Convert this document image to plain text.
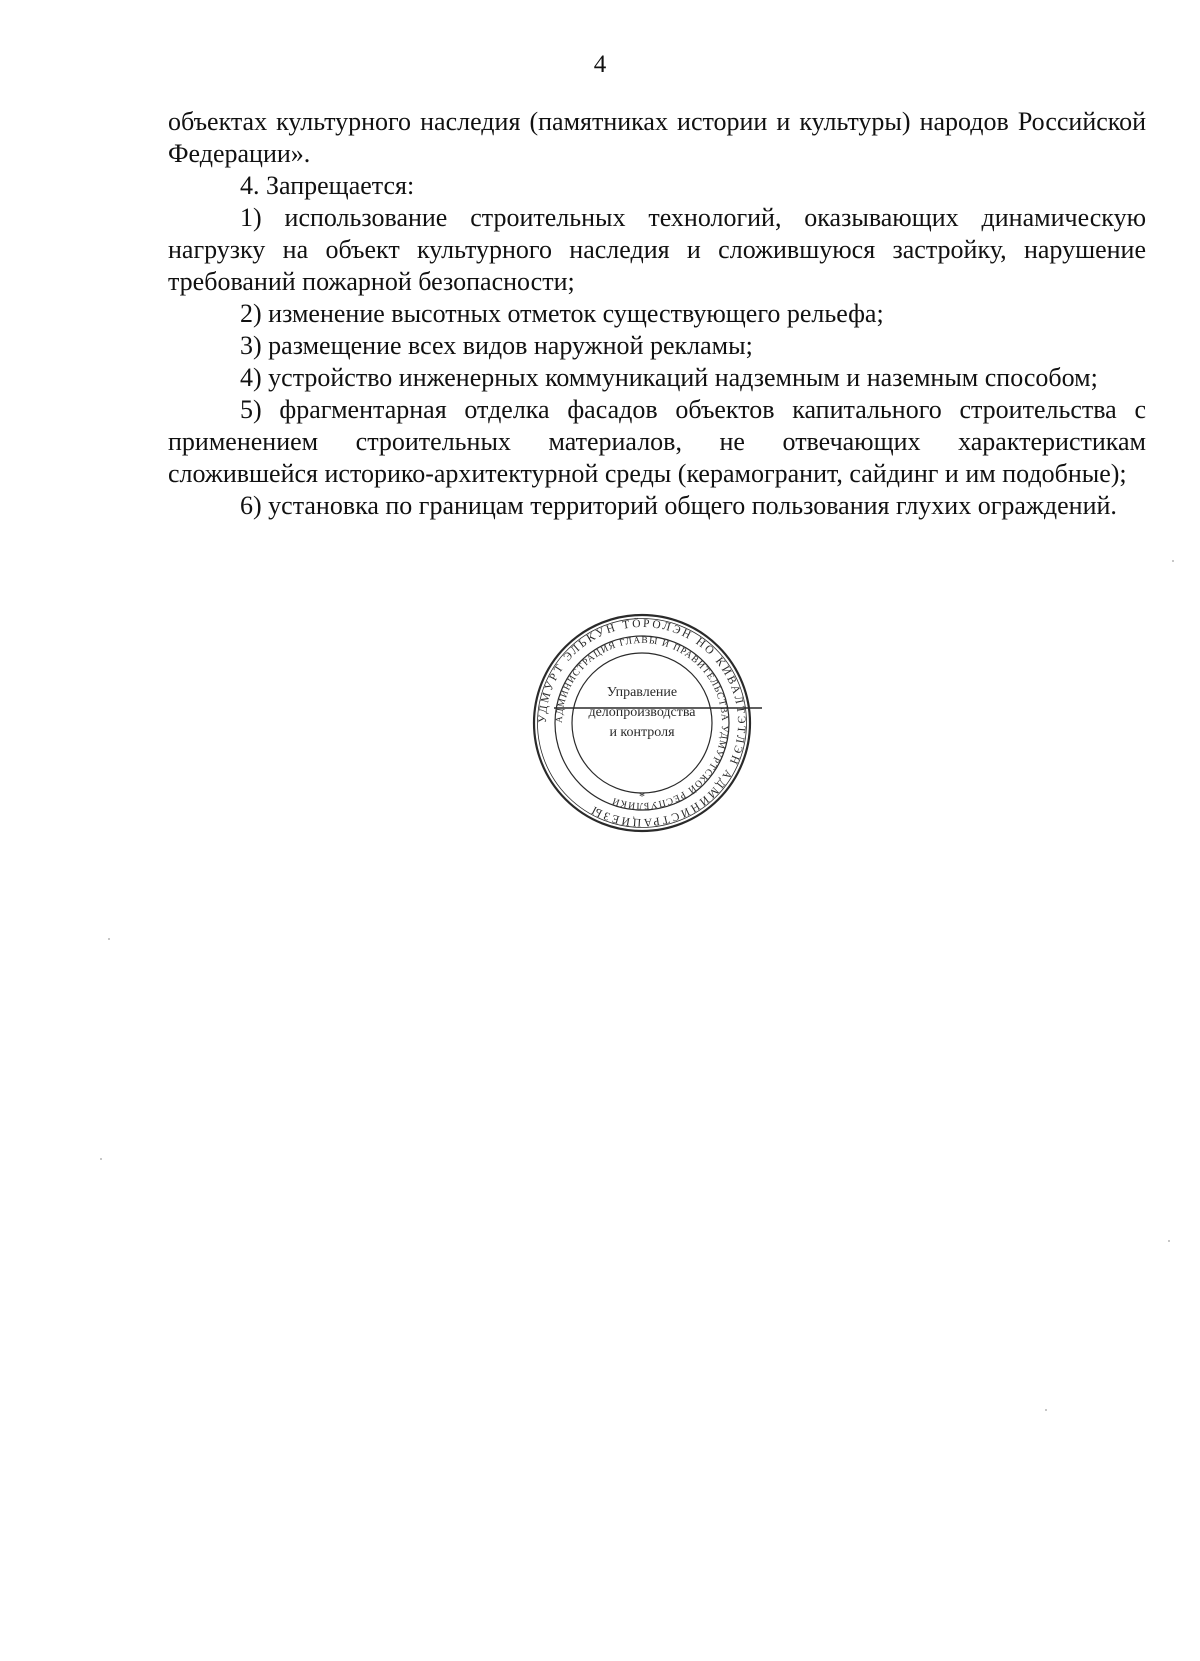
4

объектах культурного наследия (памятниках истории и культуры) народов Российской Федерации».

4. Запрещается:

1) использование строительных технологий, оказывающих динамическую нагрузку на объект культурного наследия и сложившуюся застройку, нарушение требований пожарной безопасности;

2) изменение высотных отметок существующего рельефа;

3) размещение всех видов наружной рекламы;

4) устройство инженерных коммуникаций надземным и наземным способом;

5) фрагментарная отделка фасадов объектов капитального строительства с применением строительных материалов, не отвечающих характеристикам сложившейся историко-архитектурной среды (керамогранит, сайдинг и им подобные);

6) установка по границам территорий общего пользования глухих ограждений.

УДМУРТ ЭЛЬКУН ТӦРОЛЭН НО КИВАЛТЭТЛЭН АДМИНИСТРАЦИЕЗЫ
АДМИНИСТРАЦИЯ ГЛАВЫ И ПРАВИТЕЛЬСТВА УДМУРТСКОЙ РЕСПУБЛИКИ
Управление
делопроизводства
и контроля
*
